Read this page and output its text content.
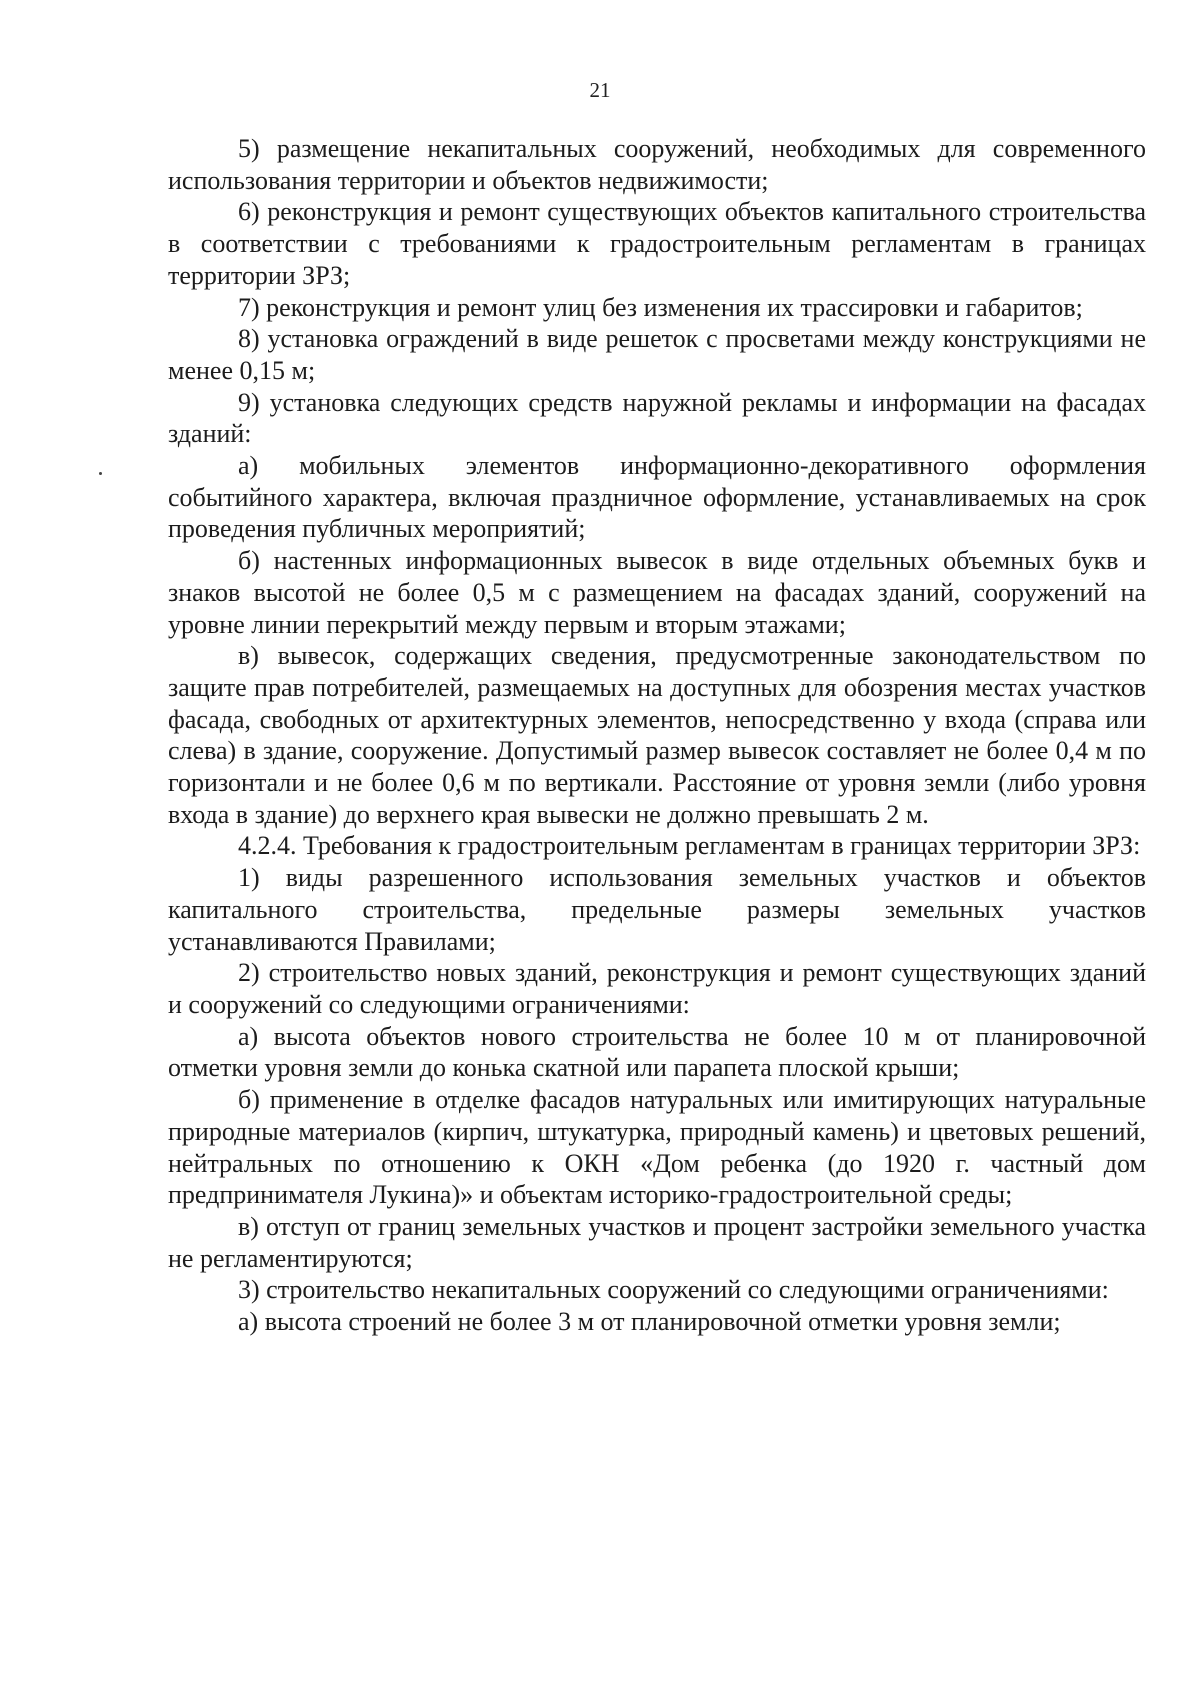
21

5) размещение некапитальных сооружений, необходимых для современного использования территории и объектов недвижимости;

6) реконструкция и ремонт существующих объектов капитального строительства в соответствии с требованиями к градостроительным регламентам в границах территории ЗРЗ;

7) реконструкция и ремонт улиц без изменения их трассировки и габаритов;

8) установка ограждений в виде решеток с просветами между конструкциями не менее 0,15 м;

9) установка следующих средств наружной рекламы и информации на фасадах зданий:

а) мобильных элементов информационно-декоративного оформления событийного характера, включая праздничное оформление, устанавливаемых на срок проведения публичных мероприятий;

б) настенных информационных вывесок в виде отдельных объемных букв и знаков высотой не более 0,5 м с размещением на фасадах зданий, сооружений на уровне линии перекрытий между первым и вторым этажами;

в) вывесок, содержащих сведения, предусмотренные законодательством по защите прав потребителей, размещаемых на доступных для обозрения местах участков фасада, свободных от архитектурных элементов, непосредственно у входа (справа или слева) в здание, сооружение. Допустимый размер вывесок составляет не более 0,4 м по горизонтали и не более 0,6 м по вертикали. Расстояние от уровня земли (либо уровня входа в здание) до верхнего края вывески не должно превышать 2 м.

4.2.4. Требования к градостроительным регламентам в границах территории ЗРЗ:

1) виды разрешенного использования земельных участков и объектов капитального строительства, предельные размеры земельных участков устанавливаются Правилами;

2) строительство новых зданий, реконструкция и ремонт существующих зданий и сооружений со следующими ограничениями:

а) высота объектов нового строительства не более 10 м от планировочной отметки уровня земли до конька скатной или парапета плоской крыши;

б) применение в отделке фасадов натуральных или имитирующих натуральные природные материалов (кирпич, штукатурка, природный камень) и цветовых решений, нейтральных по отношению к ОКН «Дом ребенка (до 1920 г. частный дом предпринимателя Лукина)» и объектам историко-градостроительной среды;

в) отступ от границ земельных участков и процент застройки земельного участка не регламентируются;

3) строительство некапитальных сооружений со следующими ограничениями:

а) высота строений не более 3 м от планировочной отметки уровня земли;
